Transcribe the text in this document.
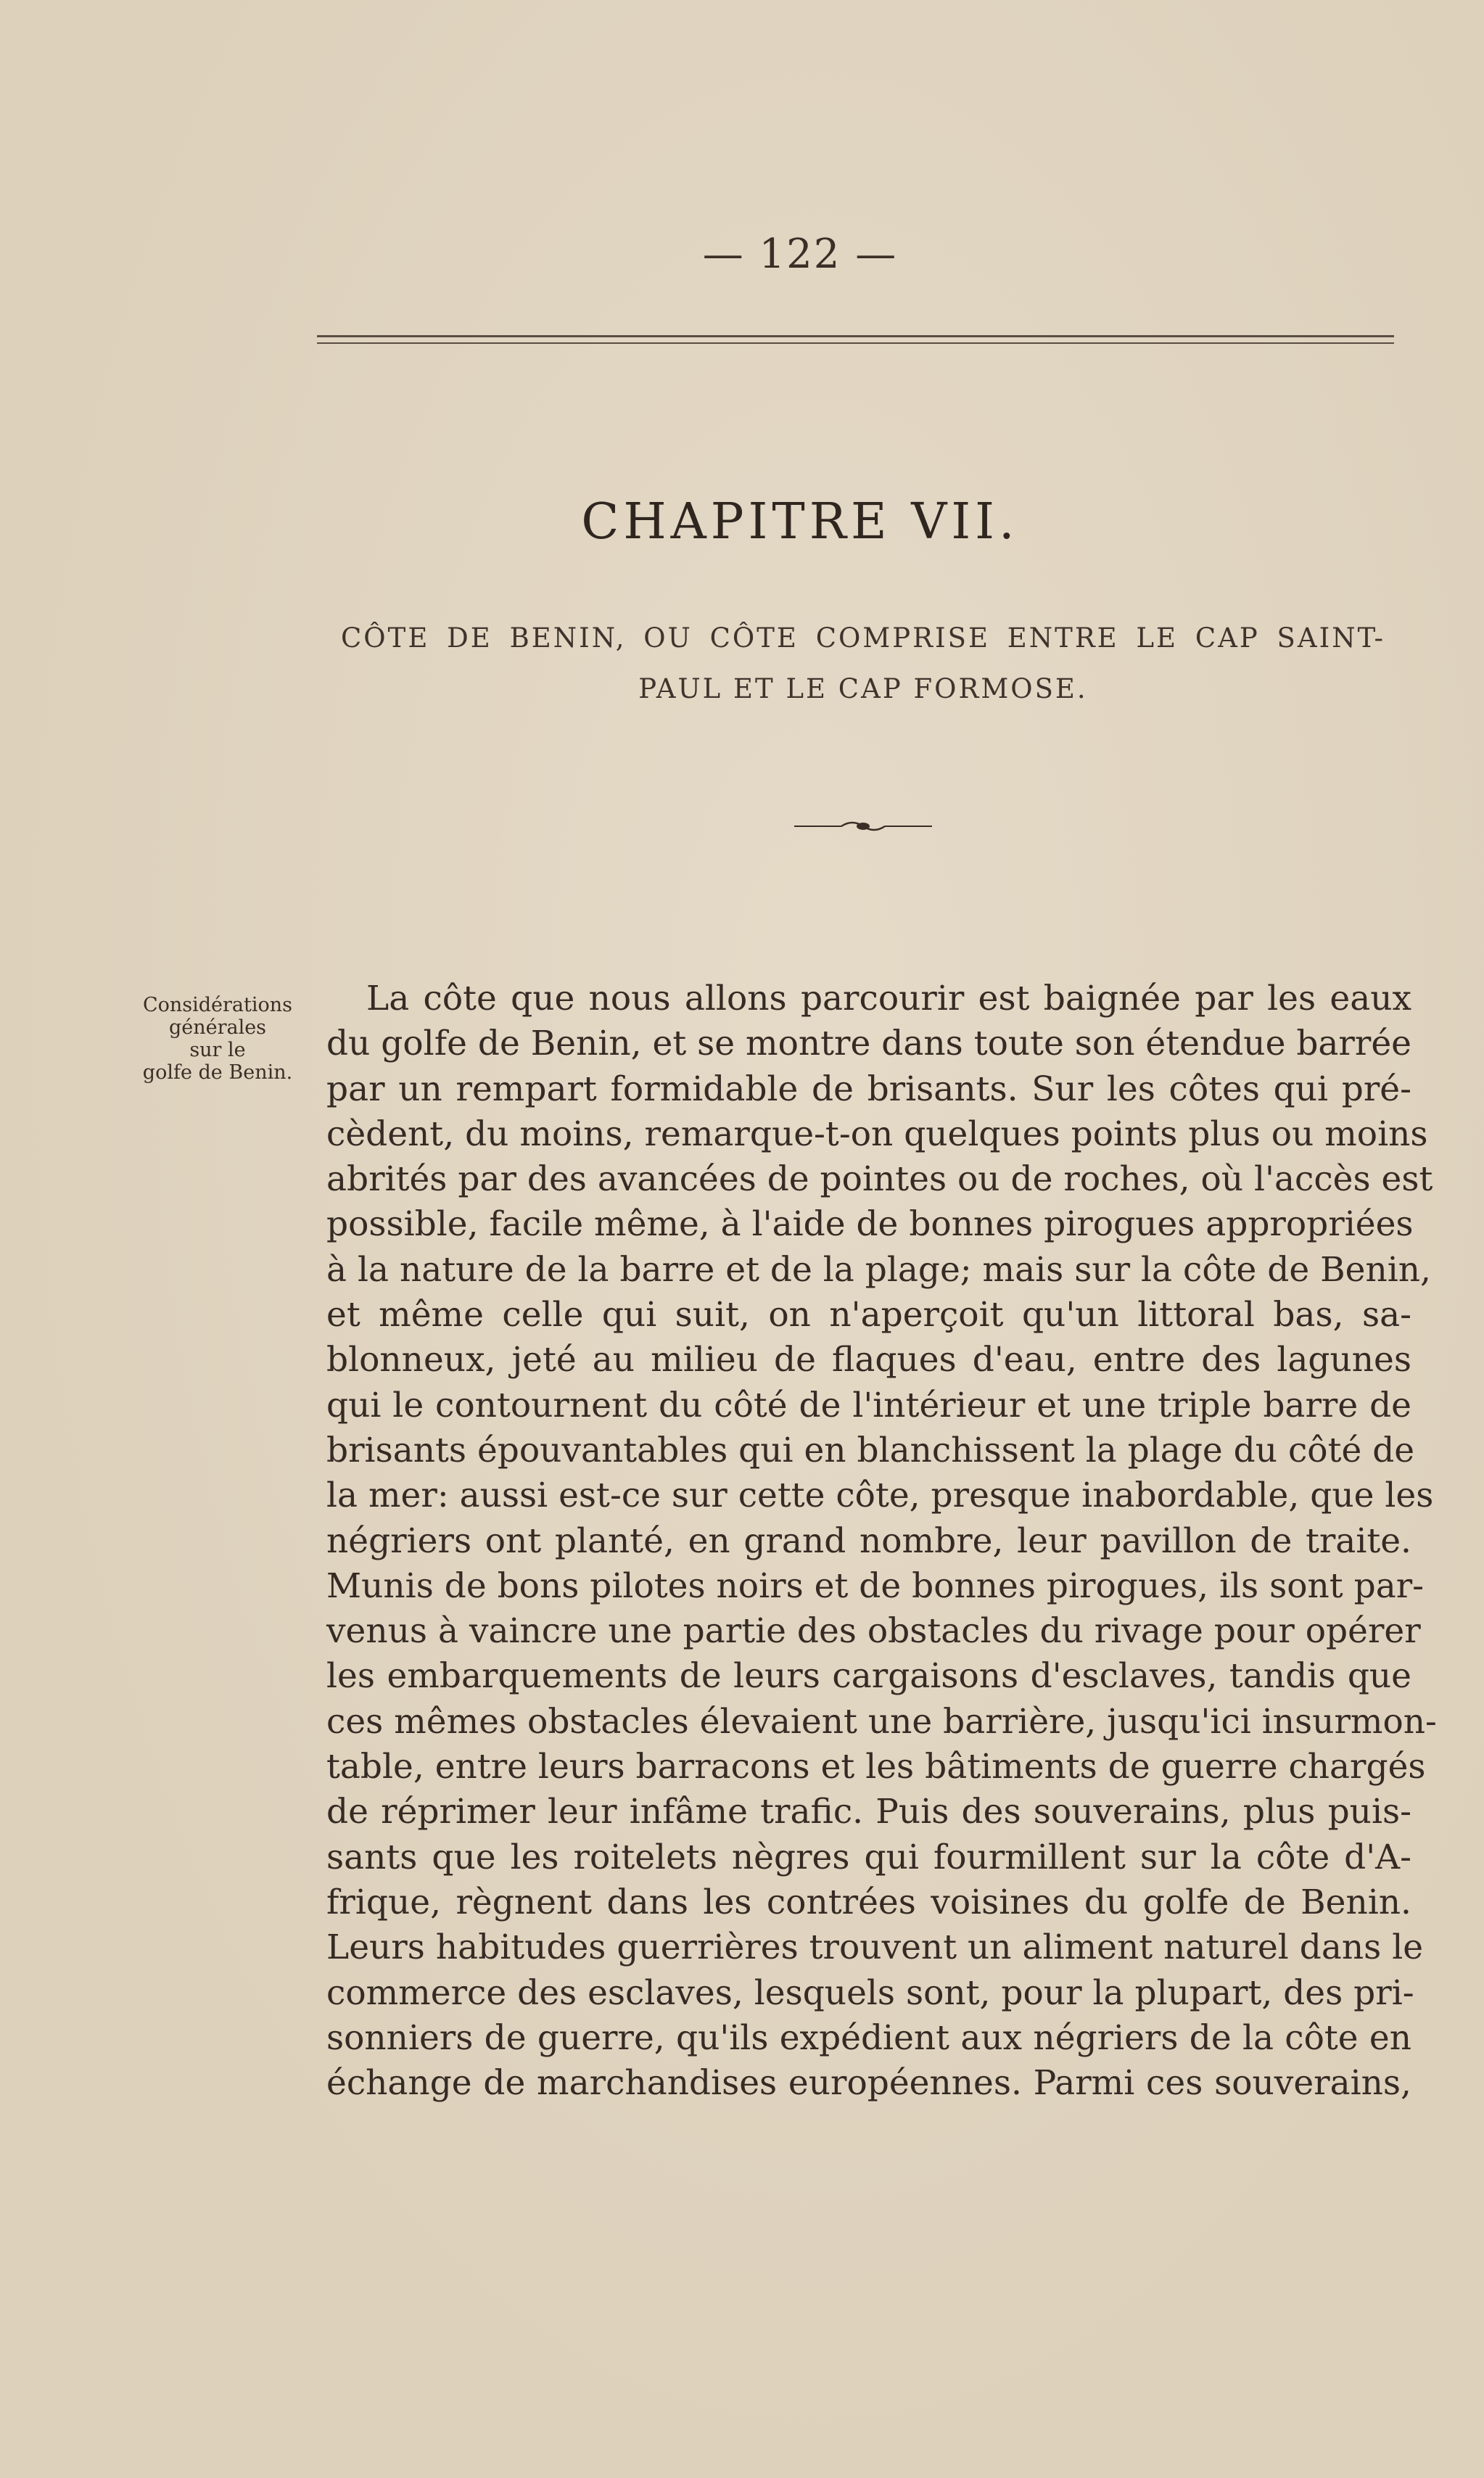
— 122 —
CHAPITRE VII.
CÔTE DE BENIN, OU CÔTE COMPRISE ENTRE LE CAP SAINT-
PAUL ET LE CAP FORMOSE.
Considérations
générales
sur le
golfe de Benin.
La côte que nous allons parcourir est baignée par les eaux
du golfe de Benin, et se montre dans toute son étendue barrée
par un rempart formidable de brisants. Sur les côtes qui pré-
cèdent, du moins, remarque-t-on quelques points plus ou moins
abrités par des avancées de pointes ou de roches, où l'accès est
possible, facile même, à l'aide de bonnes pirogues appropriées
à la nature de la barre et de la plage; mais sur la côte de Benin,
et même celle qui suit, on n'aperçoit qu'un littoral bas, sa-
blonneux, jeté au milieu de flaques d'eau, entre des lagunes
qui le contournent du côté de l'intérieur et une triple barre de
brisants épouvantables qui en blanchissent la plage du côté de
la mer: aussi est-ce sur cette côte, presque inabordable, que les
négriers ont planté, en grand nombre, leur pavillon de traite.
Munis de bons pilotes noirs et de bonnes pirogues, ils sont par-
venus à vaincre une partie des obstacles du rivage pour opérer
les embarquements de leurs cargaisons d'esclaves, tandis que
ces mêmes obstacles élevaient une barrière, jusqu'ici insurmon-
table, entre leurs barracons et les bâtiments de guerre chargés
de réprimer leur infâme trafic. Puis des souverains, plus puis-
sants que les roitelets nègres qui fourmillent sur la côte d'A-
frique, règnent dans les contrées voisines du golfe de Benin.
Leurs habitudes guerrières trouvent un aliment naturel dans le
commerce des esclaves, lesquels sont, pour la plupart, des pri-
sonniers de guerre, qu'ils expédient aux négriers de la côte en
échange de marchandises européennes. Parmi ces souverains,
